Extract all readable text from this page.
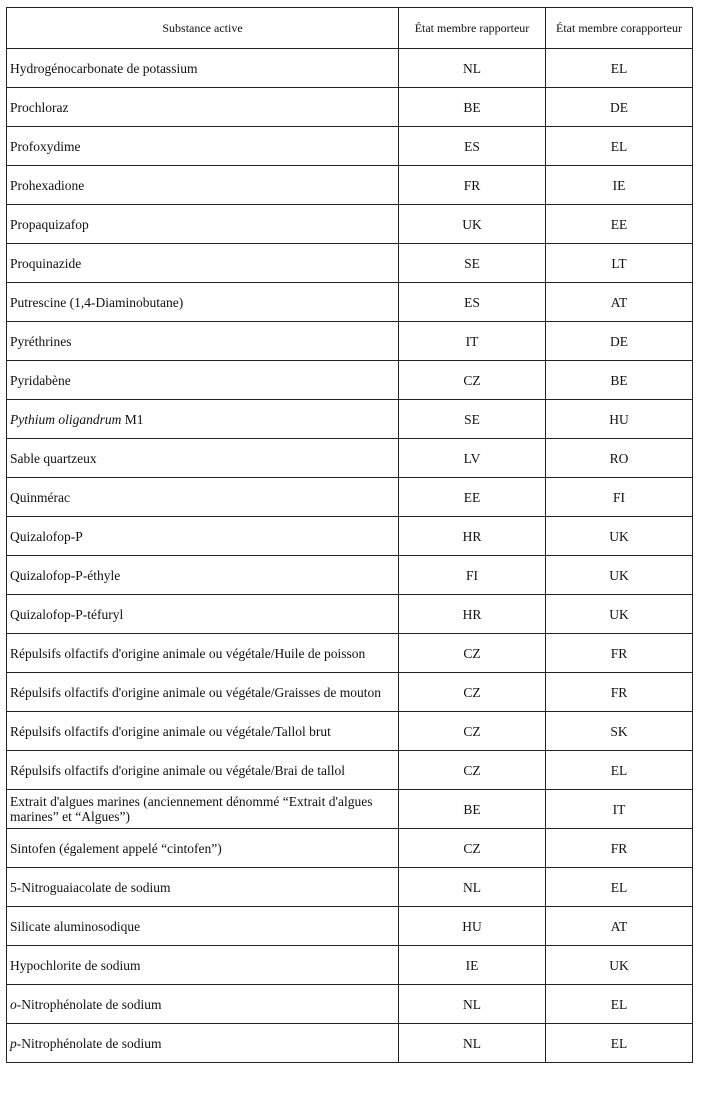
Substance active	État membre rapporteur	État membre corapporteur
Hydrogénocarbonate de potassium	NL	EL
Prochloraz	BE	DE
Profoxydime	ES	EL
Prohexadione	FR	IE
Propaquizafop	UK	EE
Proquinazide	SE	LT
Putrescine (1,4-Diaminobutane)	ES	AT
Pyréthrines	IT	DE
Pyridabène	CZ	BE
Pythium oligandrum M1	SE	HU
Sable quartzeux	LV	RO
Quinmérac	EE	FI
Quizalofop-P	HR	UK
Quizalofop-P-éthyle	FI	UK
Quizalofop-P-téfuryl	HR	UK
Répulsifs olfactifs d'origine animale ou végétale/Huile de poisson	CZ	FR
Répulsifs olfactifs d'origine animale ou végétale/Graisses de mouton	CZ	FR
Répulsifs olfactifs d'origine animale ou végétale/Tallol brut	CZ	SK
Répulsifs olfactifs d'origine animale ou végétale/Brai de tallol	CZ	EL
Extrait d'algues marines (anciennement dénommé “Extrait d'algues marines” et “Algues”)	BE	IT
Sintofen (également appelé “cintofen”)	CZ	FR
5-Nitroguaiacolate de sodium	NL	EL
Silicate aluminosodique	HU	AT
Hypochlorite de sodium	IE	UK
o-Nitrophénolate de sodium	NL	EL
p-Nitrophénolate de sodium	NL	EL
